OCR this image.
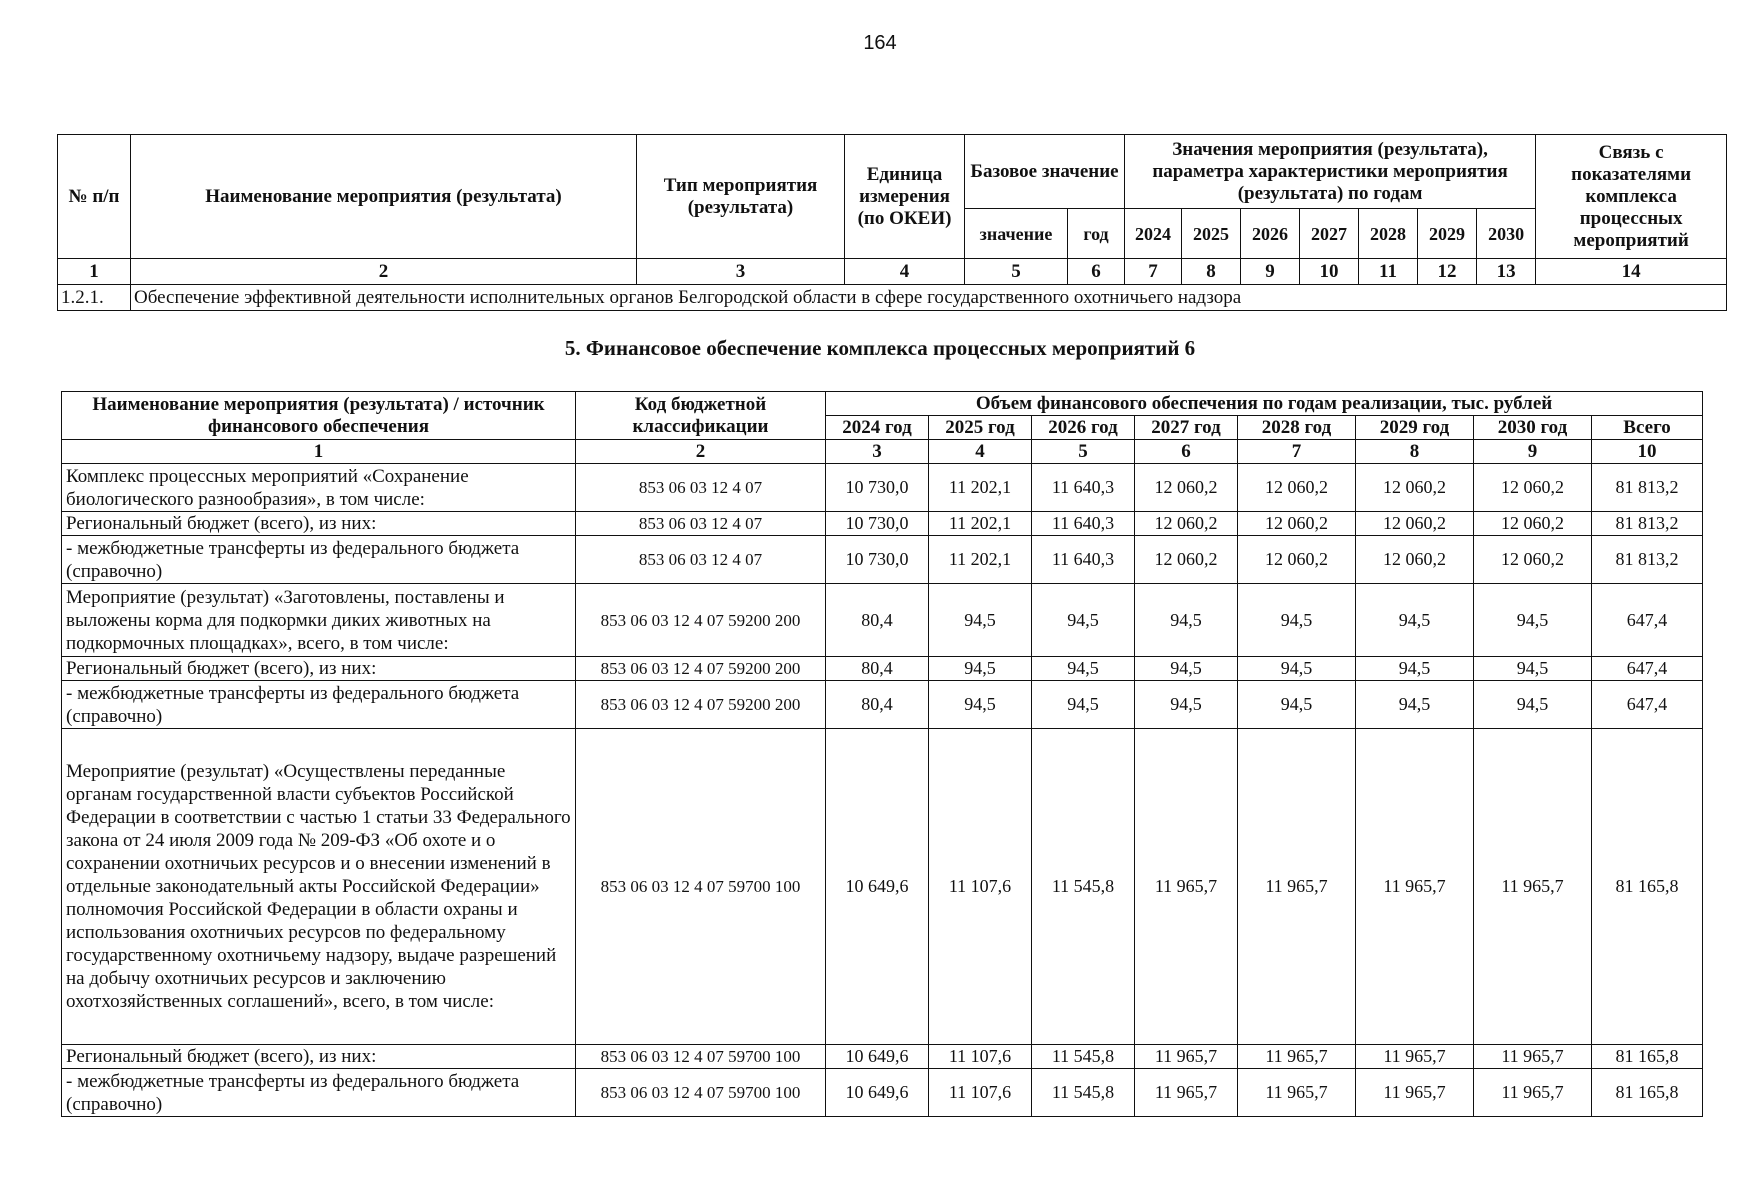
164
№ п/п	Наименование мероприятия (результата)	Тип мероприятия (результата)	Единица измерения (по ОКЕИ)	Базовое значение		Значения мероприятия (результата), параметра характеристики мероприятия (результата) по годам							Связь с показателями комплекса процессных мероприятий
				значение	год	2024	2025	2026	2027	2028	2029	2030	
1	2	3	4	5	6	7	8	9	10	11	12	13	14
1.2.1.	Обеспечение эффективной деятельности исполнительных органов Белгородской области в сфере государственного охотничьего надзора												
5. Финансовое обеспечение комплекса процессных мероприятий 6
Наименование мероприятия (результата) / источник финансового обеспечения	Код бюджетной классификации	Объем финансового обеспечения по годам реализации, тыс. рублей							
		2024 год	2025 год	2026 год	2027 год	2028 год	2029 год	2030 год	Всего
1	2	3	4	5	6	7	8	9	10
Комплекс процессных мероприятий «Сохранение биологического разнообразия», в том числе:	853 06 03 12 4 07	10 730,0	11 202,1	11 640,3	12 060,2	12 060,2	12 060,2	12 060,2	81 813,2
Региональный бюджет (всего), из них:	853 06 03 12 4 07	10 730,0	11 202,1	11 640,3	12 060,2	12 060,2	12 060,2	12 060,2	81 813,2
- межбюджетные трансферты из федерального бюджета (справочно)	853 06 03 12 4 07	10 730,0	11 202,1	11 640,3	12 060,2	12 060,2	12 060,2	12 060,2	81 813,2
Мероприятие (результат) «Заготовлены, поставлены и выложены корма для подкормки диких животных на подкормочных площадках», всего, в том числе:	853 06 03 12 4 07 59200 200	80,4	94,5	94,5	94,5	94,5	94,5	94,5	647,4
Региональный бюджет (всего), из них:	853 06 03 12 4 07 59200 200	80,4	94,5	94,5	94,5	94,5	94,5	94,5	647,4
- межбюджетные трансферты из федерального бюджета (справочно)	853 06 03 12 4 07 59200 200	80,4	94,5	94,5	94,5	94,5	94,5	94,5	647,4
Мероприятие (результат) «Осуществлены переданные органам государственной власти субъектов Российской Федерации в соответствии с частью 1 статьи 33 Федерального закона от 24 июля 2009 года № 209-ФЗ «Об охоте и о сохранении охотничьих ресурсов и о внесении изменений в отдельные законодательный акты Российской Федерации» полномочия Российской Федерации в области охраны и использования охотничьих ресурсов по федеральному государственному охотничьему надзору, выдаче разрешений на добычу охотничьих ресурсов и заключению охотхозяйственных соглашений», всего, в том числе:	853 06 03 12 4 07 59700 100	10 649,6	11 107,6	11 545,8	11 965,7	11 965,7	11 965,7	11 965,7	81 165,8
Региональный бюджет (всего), из них:	853 06 03 12 4 07 59700 100	10 649,6	11 107,6	11 545,8	11 965,7	11 965,7	11 965,7	11 965,7	81 165,8
- межбюджетные трансферты из федерального бюджета (справочно)	853 06 03 12 4 07 59700 100	10 649,6	11 107,6	11 545,8	11 965,7	11 965,7	11 965,7	11 965,7	81 165,8
